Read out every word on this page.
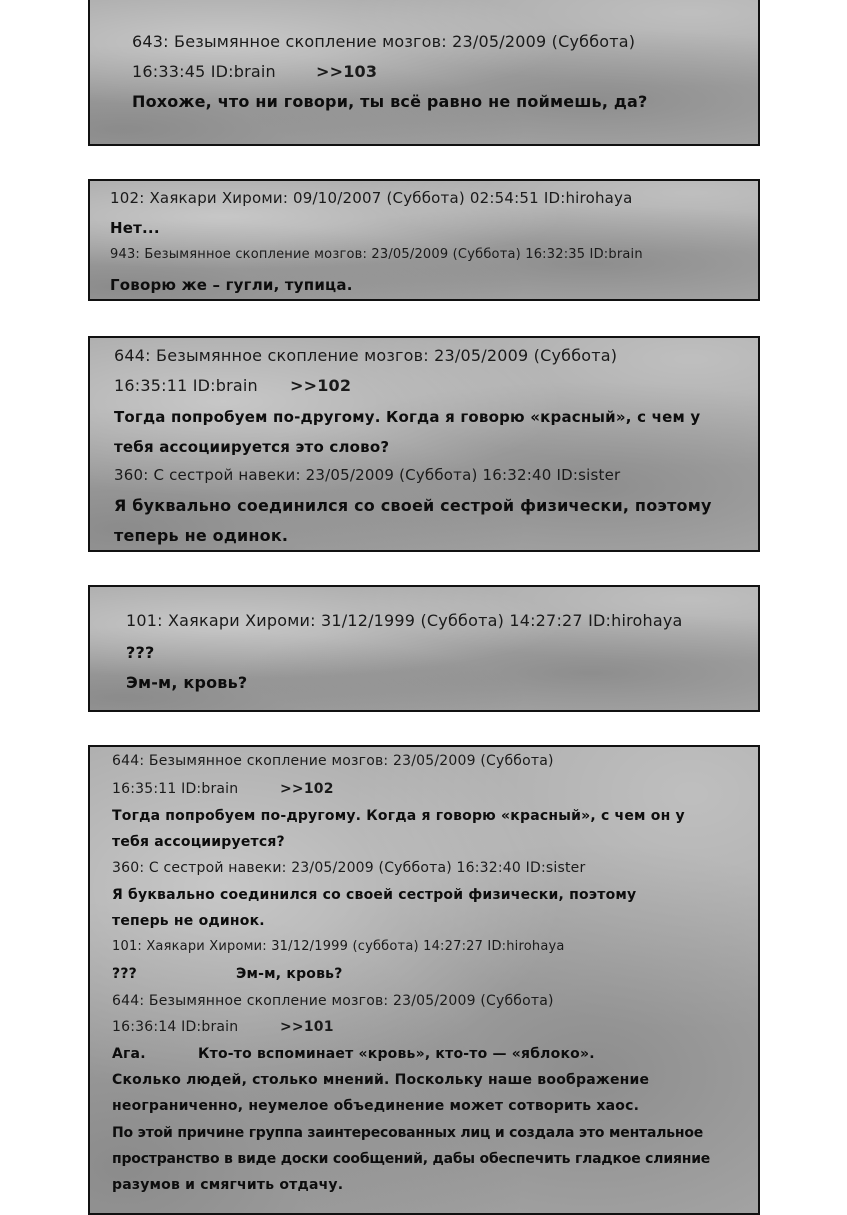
643: Безымянное скопление мозгов: 23/05/2009 (Суббота)
16:33:45 ID:brain	>>103
Похоже, что ни говори, ты всё равно не поймешь, да?
102: Хаякари Хироми: 09/10/2007 (Суббота) 02:54:51 ID:hirohaya
Нет...
943: Безымянное скопление мозгов: 23/05/2009 (Суббота) 16:32:35 ID:brain
Говорю же – гугли, тупица.
644: Безымянное скопление мозгов: 23/05/2009 (Суббота)
16:35:11 ID:brain >>102
Тогда попробуем по-другому. Когда я говорю «красный», с чем у
тебя ассоциируется это слово?
360: С сестрой навеки: 23/05/2009 (Суббота) 16:32:40 ID:sister
Я буквально соединился со своей сестрой физически, поэтому
теперь не одинок.
101: Хаякари Хироми: 31/12/1999 (Суббота) 14:27:27 ID:hirohaya
???
Эм-м, кровь?
644: Безымянное скопление мозгов: 23/05/2009 (Суббота)
16:35:11 ID:brain	>>102
Тогда попробуем по-другому. Когда я говорю «красный», с чем он у
тебя ассоциируется?
360: С сестрой навеки: 23/05/2009 (Суббота) 16:32:40 ID:sister
Я буквально соединился со своей сестрой физически, поэтому
теперь не одинок.
101: Хаякари Хироми: 31/12/1999 (суббота) 14:27:27 ID:hirohaya
???	Эм-м, кровь?
644: Безымянное скопление мозгов: 23/05/2009 (Суббота)
16:36:14 ID:brain	>>101
Ага.	Кто-то вспоминает «кровь», кто-то — «яблоко».
Сколько людей, столько мнений. Поскольку наше воображение
неограниченно, неумелое объединение может сотворить хаос.
По этой причине группа заинтересованных лиц и создала это ментальное
пространство в виде доски сообщений, дабы обеспечить гладкое слияние
разумов и смягчить отдачу.
